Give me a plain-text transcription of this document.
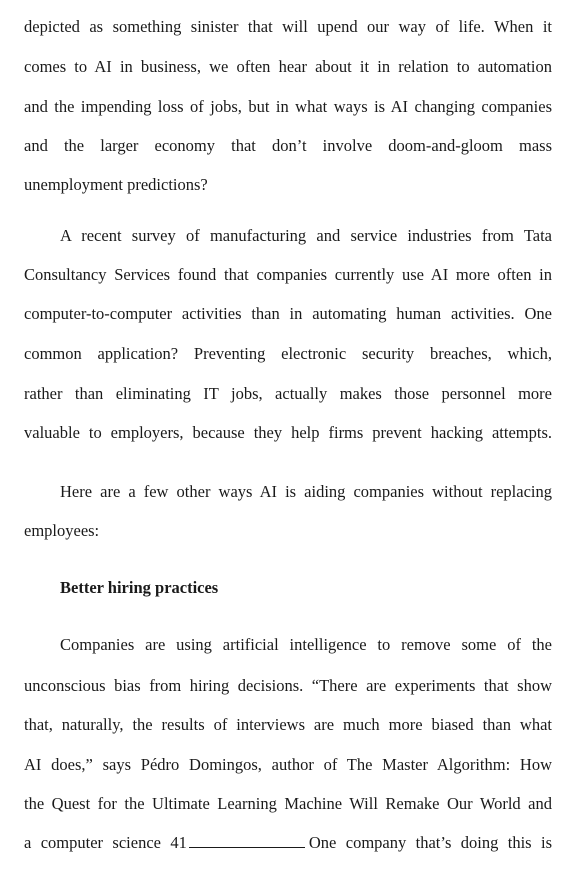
depicted as something sinister that will upend our way of life. When it
comes to AI in business, we often hear about it in relation to automation
and the impending loss of jobs, but in what ways is AI changing companies
and the larger economy that don’t involve doom-and-gloom mass
unemployment predictions?
A recent survey of manufacturing and service industries from Tata
Consultancy Services found that companies currently use AI more often in
computer-to-computer activities than in automating human activities. One
common application? Preventing electronic security breaches, which,
rather than eliminating IT jobs, actually makes those personnel more
valuable to employers, because they help firms prevent hacking attempts.
Here are a few other ways AI is aiding companies without replacing
employees:
Better hiring practices
Companies are using artificial intelligence to remove some of the
unconscious bias from hiring decisions. “There are experiments that show
that, naturally, the results of interviews are much more biased than what
AI does,” says Pédro Domingos, author of The Master Algorithm: How
the Quest for the Ultimate Learning Machine Will Remake Our World and
a computer science 41	One company that’s doing this is
